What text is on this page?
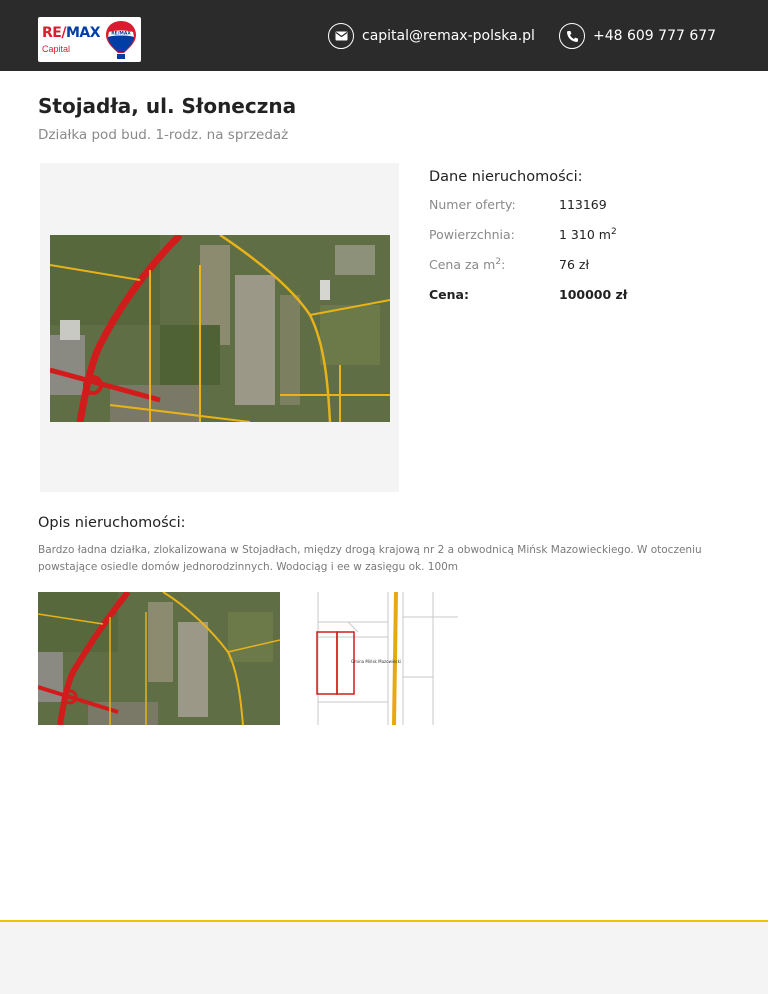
RE/MAX
Capital
RE/MAX	capital@remax-polska.pl	+48 609 777 677
Stojadła, ul. Słoneczna
Działka pod bud. 1-rodz. na sprzedaż
Dane nieruchomości:
Numer oferty:	113169
Powierzchnia:	1 310 $m^2$
Cena za $m^2$:	76 zł
Cena:	100000 zł
Opis nieruchomości:

Bardzo ładna działka, zlokalizowana w Stojadłach, między drogą krajową nr 2 a obwodnicą Mińsk Mazowieckiego. W otoczeniu powstające osiedle domów jednorodzinnych. Wodociąg i ee w zasięgu ok. 100m

Gmina Mińsk Mazowiecki
